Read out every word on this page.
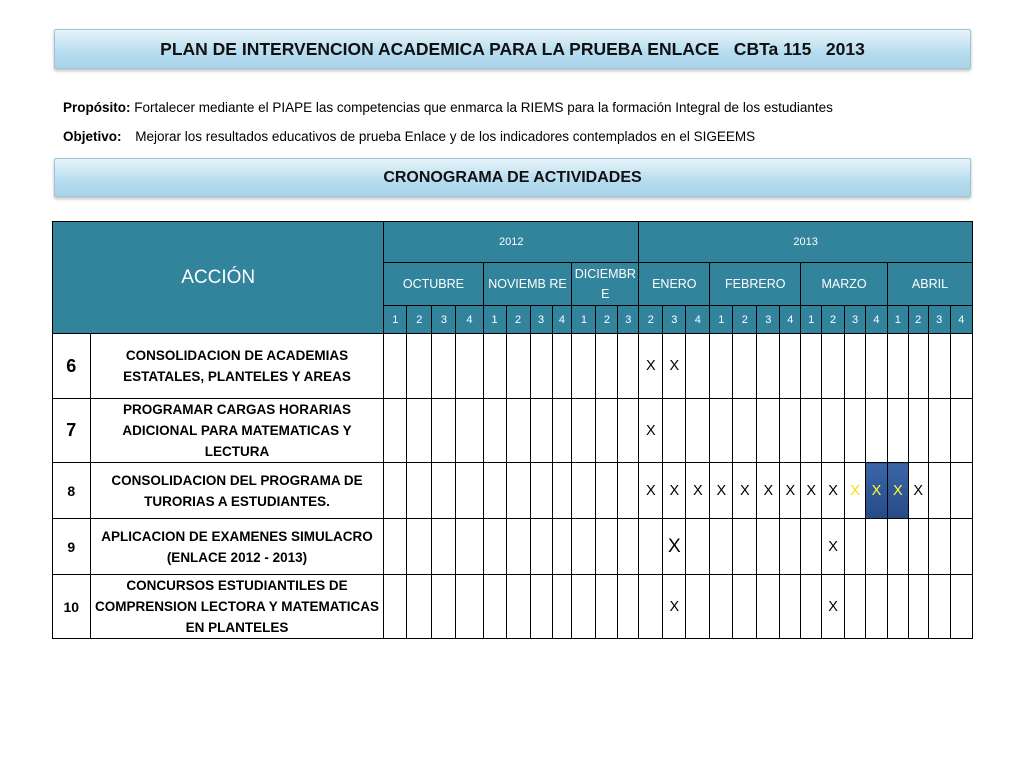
PLAN DE INTERVENCION ACADEMICA PARA LA PRUEBA ENLACE   CBTa 115   2013
Propósito: Fortalecer mediante el PIAPE las competencias que enmarca la RIEMS para la formación Integral de los estudiantes
Objetivo: Mejorar los resultados educativos de prueba Enlace y de los indicadores contemplados en el SIGEEMS
CRONOGRAMA DE ACTIVIDADES
ACCIÓN		2012											2013														
		OCTUBRE				NOVIEMB RE				DICIEMBR E			ENERO			FEBRERO				MARZO				ABRIL			
		1	2	3	4	1	2	3	4	1	2	3	2	3	4	1	2	3	4	1	2	3	4	1	2	3	4
6	CONSOLIDACION DE ACADEMIAS ESTATALES, PLANTELES Y AREAS												X	X													
7	PROGRAMAR CARGAS HORARIAS ADICIONAL PARA MATEMATICAS Y LECTURA												X														
8	CONSOLIDACION DEL PROGRAMA DE TURORIAS A ESTUDIANTES.												X	X	X	X	X	X	X	X	X	X	X	X	X		
9	APLICACION DE EXAMENES SIMULACRO (ENLACE 2012 - 2013)													X							X						
10	CONCURSOS ESTUDIANTILES DE COMPRENSION LECTORA Y MATEMATICAS EN PLANTELES													X							X						
